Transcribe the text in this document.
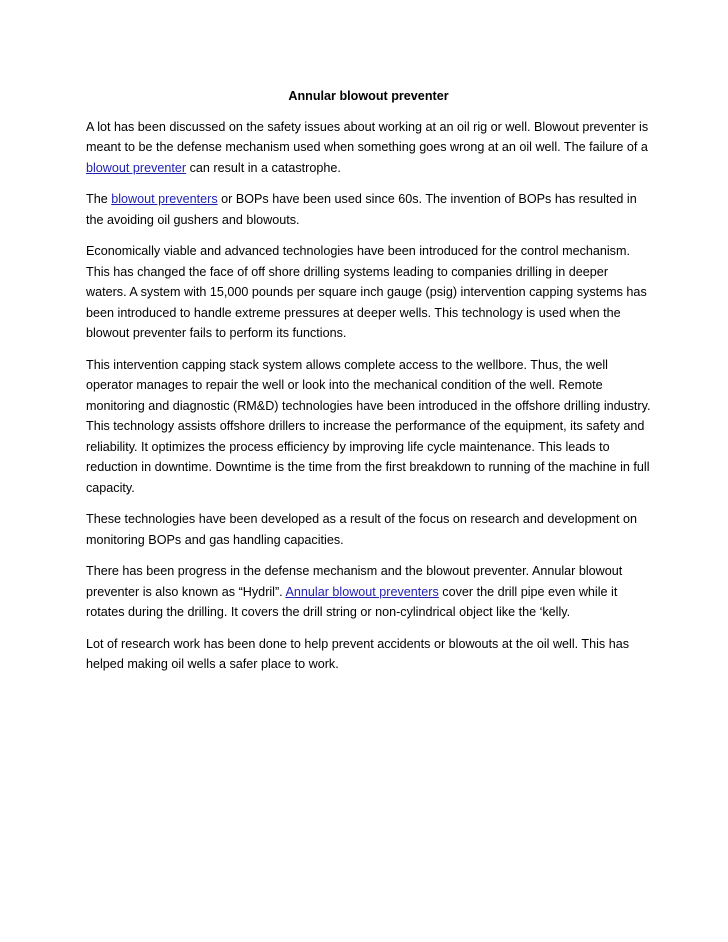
Annular blowout preventer

A lot has been discussed on the safety issues about working at an oil rig or well. Blowout preventer is meant to be the defense mechanism used when something goes wrong at an oil well. The failure of a blowout preventer can result in a catastrophe.

The blowout preventers or BOPs have been used since 60s. The invention of BOPs has resulted in the avoiding oil gushers and blowouts.

Economically viable and advanced technologies have been introduced for the control mechanism. This has changed the face of off shore drilling systems leading to companies drilling in deeper waters. A system with 15,000 pounds per square inch gauge (psig) intervention capping systems has been introduced to handle extreme pressures at deeper wells. This technology is used when the blowout preventer fails to perform its functions.

This intervention capping stack system allows complete access to the wellbore. Thus, the well operator manages to repair the well or look into the mechanical condition of the well. Remote monitoring and diagnostic (RM&D) technologies have been introduced in the offshore drilling industry. This technology assists offshore drillers to increase the performance of the equipment, its safety and reliability. It optimizes the process efficiency by improving life cycle maintenance. This leads to reduction in downtime. Downtime is the time from the first breakdown to running of the machine in full capacity.

These technologies have been developed as a result of the focus on research and development on monitoring BOPs and gas handling capacities.

There has been progress in the defense mechanism and the blowout preventer. Annular blowout preventer is also known as “Hydril”. Annular blowout preventers cover the drill pipe even while it rotates during the drilling. It covers the drill string or non-cylindrical object like the ‘kelly.

Lot of research work has been done to help prevent accidents or blowouts at the oil well. This has helped making oil wells a safer place to work.
